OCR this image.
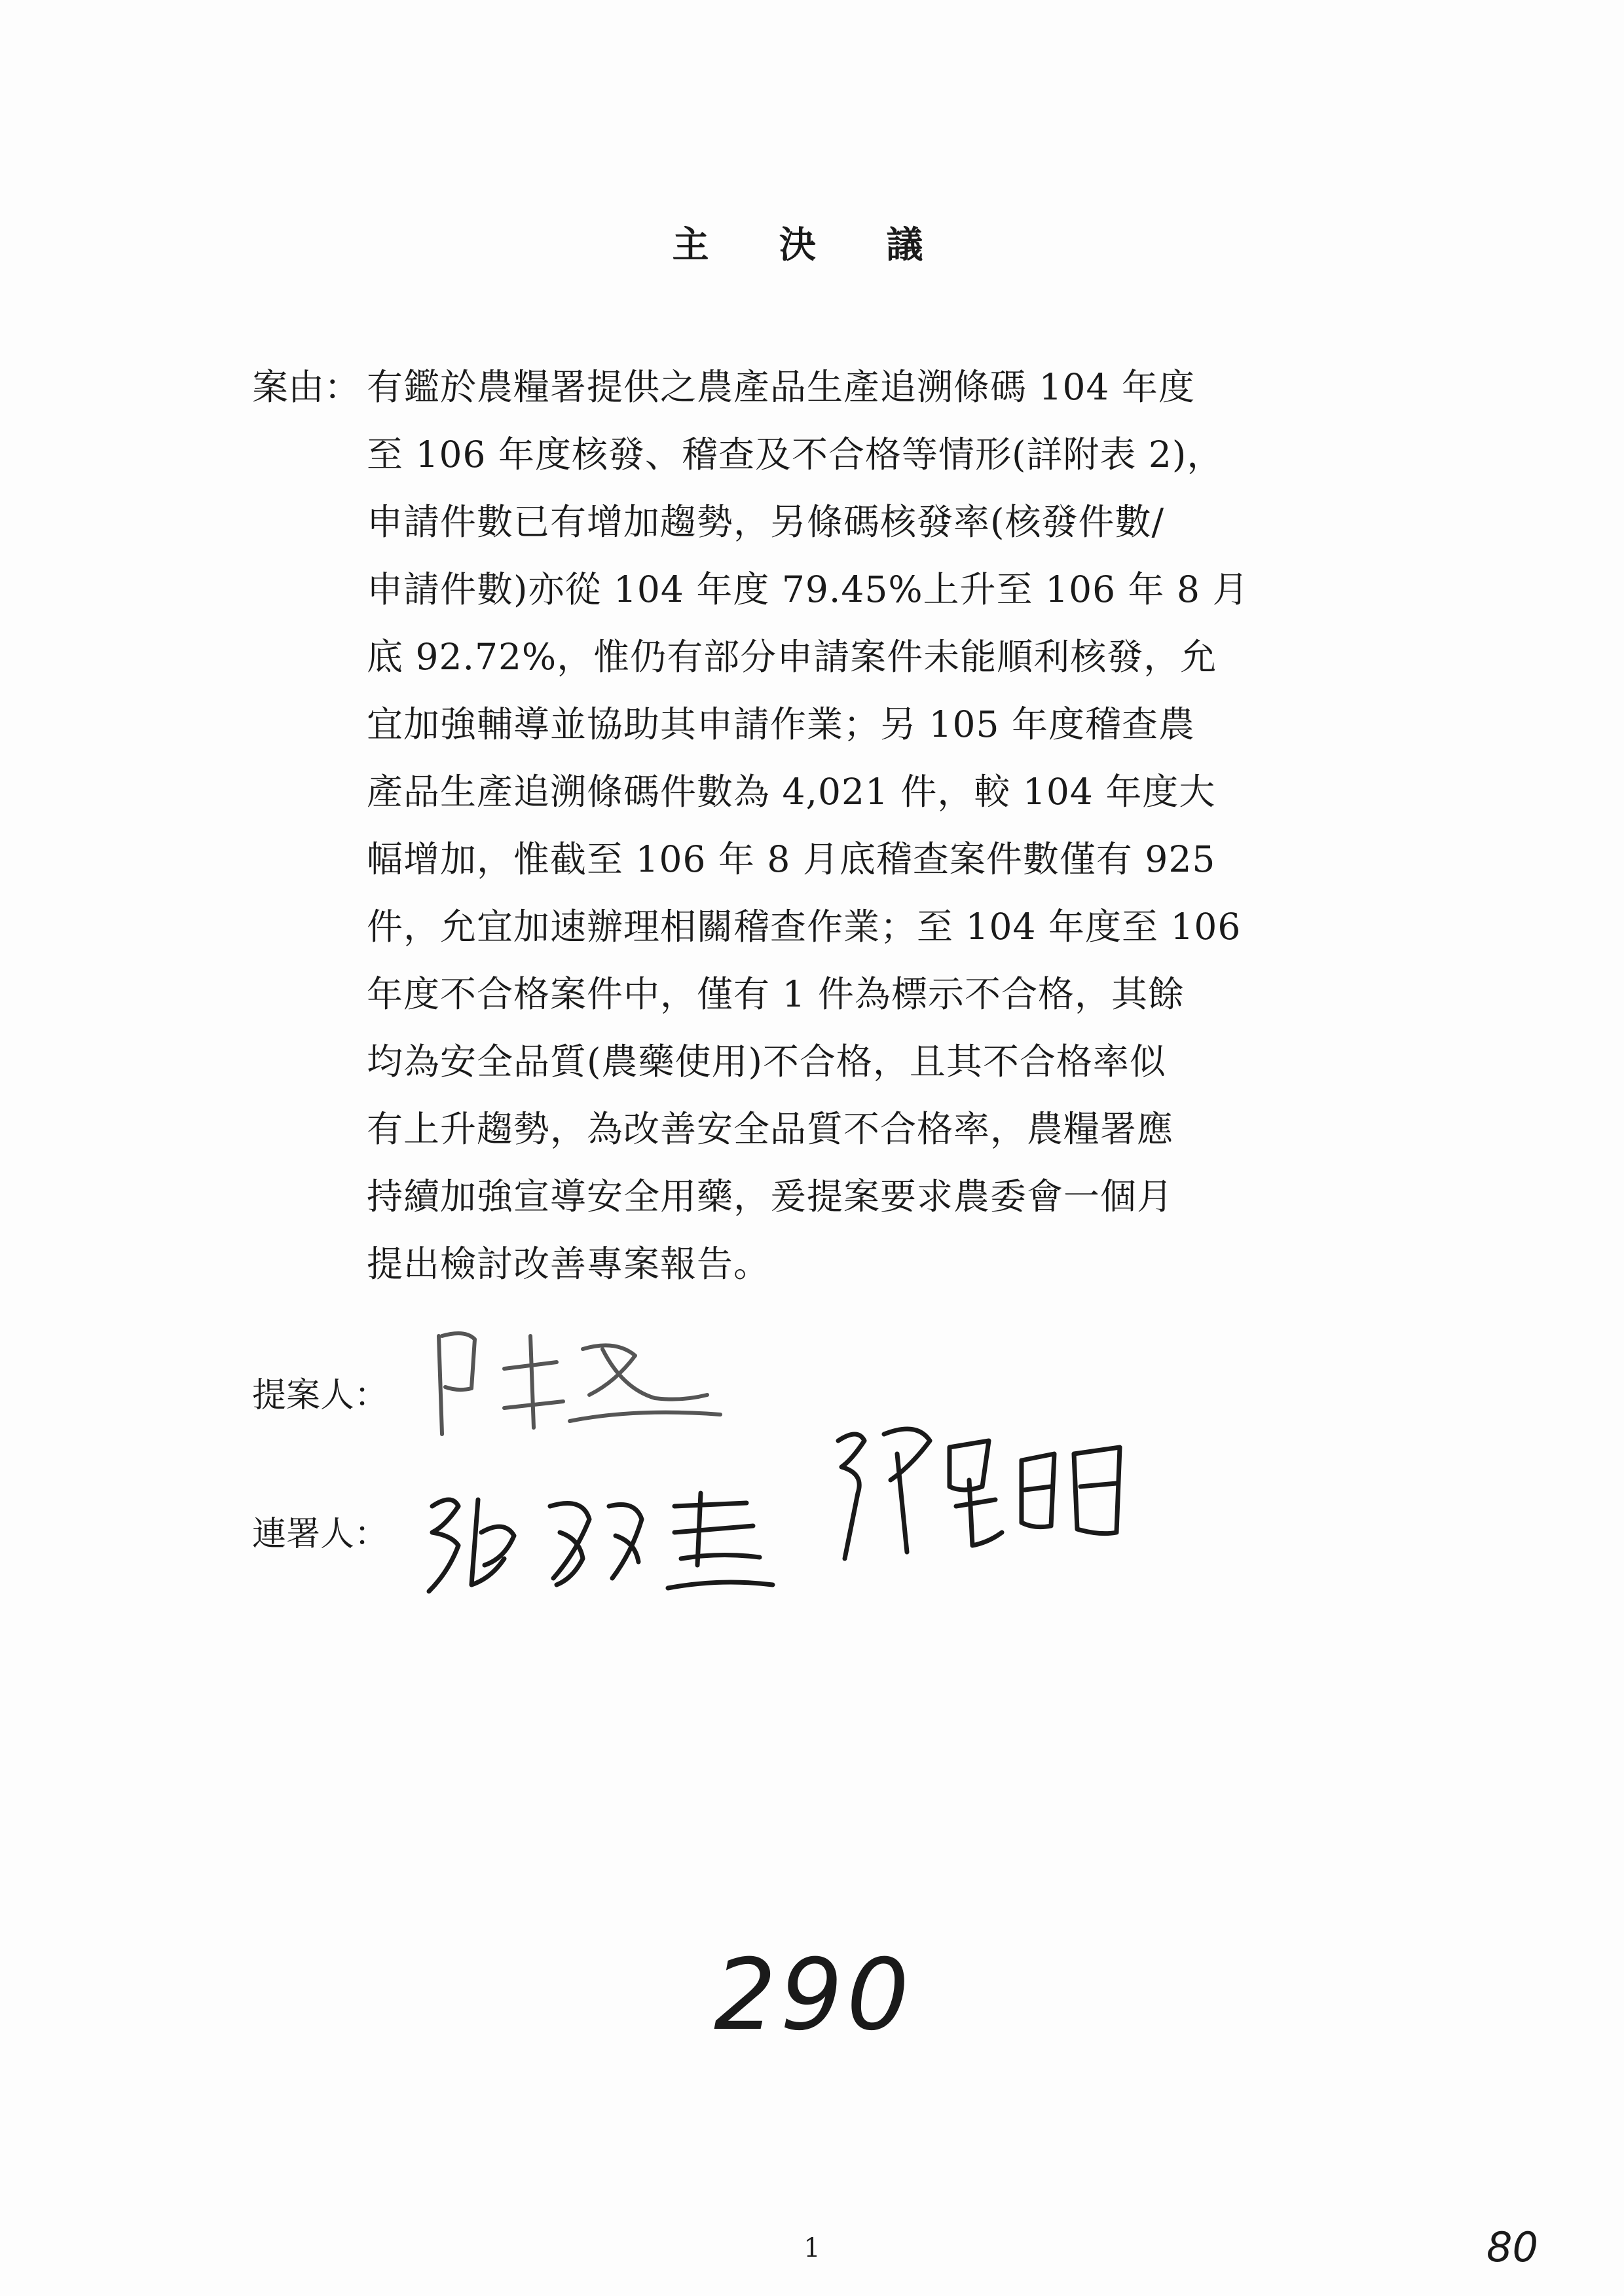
主 決 議
案由： 有鑑於農糧署提供之農產品生產追溯條碼 104 年度
至 106 年度核發、稽查及不合格等情形(詳附表 2)，
申請件數已有增加趨勢，另條碼核發率(核發件數/
申請件數)亦從 104 年度 79.45%上升至 106 年 8 月
底 92.72%，惟仍有部分申請案件未能順利核發，允
宜加強輔導並協助其申請作業；另 105 年度稽查農
產品生產追溯條碼件數為 4,021 件，較 104 年度大
幅增加，惟截至 106 年 8 月底稽查案件數僅有 925
件，允宜加速辦理相關稽查作業；至 104 年度至 106
年度不合格案件中，僅有 1 件為標示不合格，其餘
均為安全品質(農藥使用)不合格，且其不合格率似
有上升趨勢，為改善安全品質不合格率，農糧署應
持續加強宣導安全用藥，爰提案要求農委會一個月
提出檢討改善專案報告。
提案人：
連署人：
290
1	80
